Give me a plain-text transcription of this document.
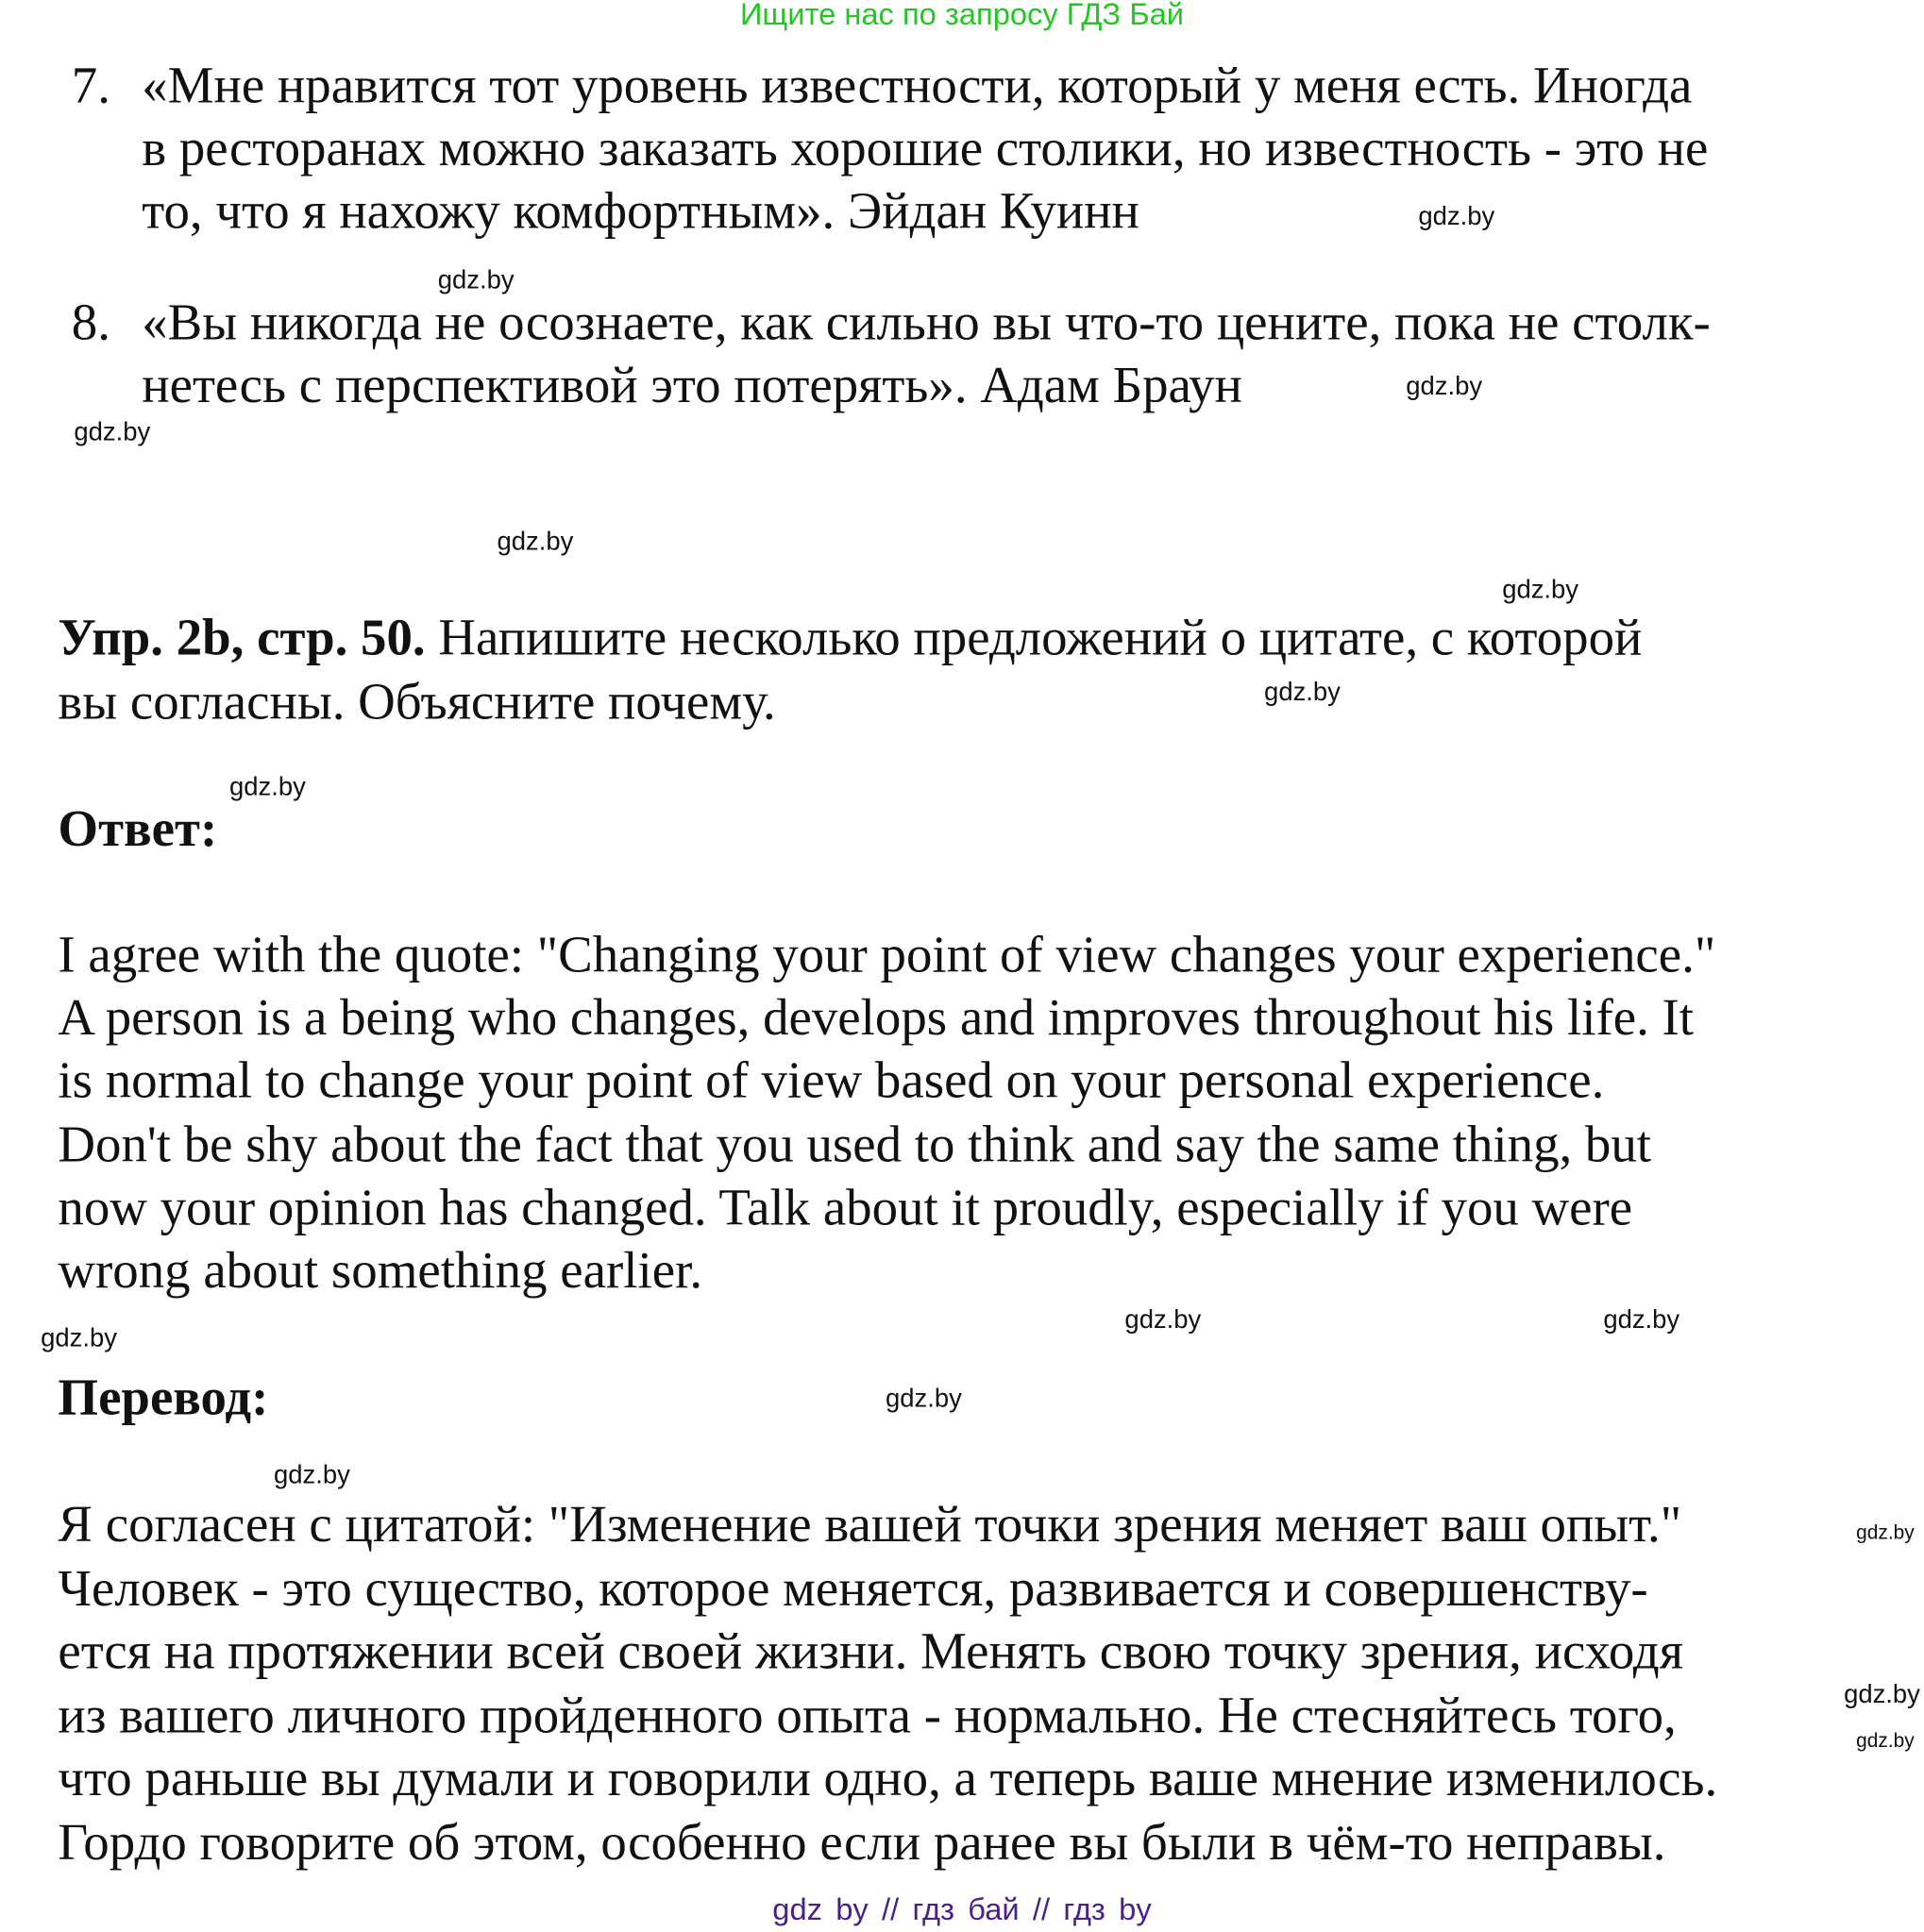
Ищите нас по запросу ГДЗ Бай
7. «Мне нравится тот уровень известности, который у меня есть. Иногда
в ресторанах можно заказать хорошие столики, но известность - это не
то, что я нахожу комфортным». Эйдан Куинн
8. «Вы никогда не осознаете, как сильно вы что-то цените, пока не столк-
нетесь с перспективой это потерять». Адам Браун
Упр. 2b, стр. 50. Напишите несколько предложений о цитате, с которой
вы согласны. Объясните почему.
Ответ:
I agree with the quote: "Changing your point of view changes your experience."
A person is a being who changes, develops and improves throughout his life. It
is normal to change your point of view based on your personal experience.
Don't be shy about the fact that you used to think and say the same thing, but
now your opinion has changed. Talk about it proudly, especially if you were
wrong about something earlier.
Перевод:
Я согласен с цитатой: "Изменение вашей точки зрения меняет ваш опыт."
Человек - это существо, которое меняется, развивается и совершенству-
ется на протяжении всей своей жизни. Менять свою точку зрения, исходя
из вашего личного пройденного опыта - нормально. Не стесняйтесь того,
что раньше вы думали и говорили одно, а теперь ваше мнение изменилось.
Гордо говорите об этом, особенно если ранее вы были в чём-то неправы.
gdz.by
gdz.by
gdz.by
gdz.by
gdz.by
gdz.by
gdz.by
gdz.by
gdz.by
gdz.by
gdz.by
gdz.by
gdz.by
gdz.by
gdz.by
gdz.by
gdz by // гдз бай // гдз by
